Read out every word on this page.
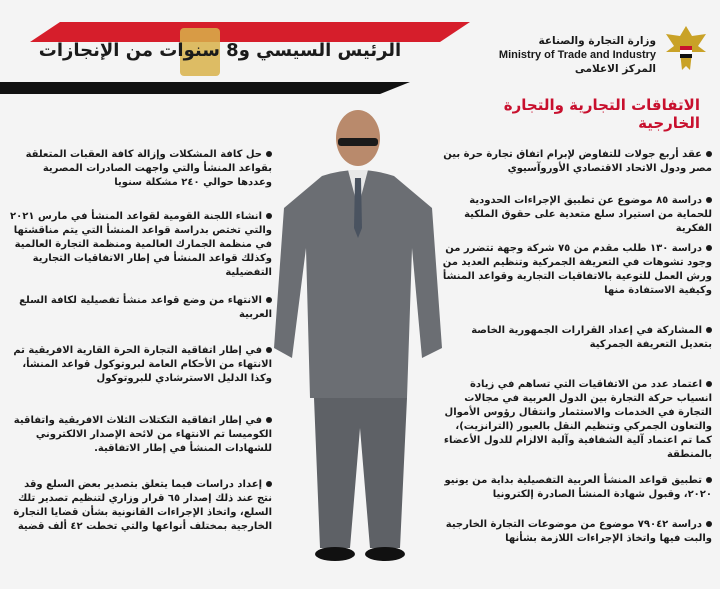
الرئيس السيسي و8 سنوات من الإنجازات	وزارة التجارة والصناعة
Ministry of Trade and Industry
المركز الاعلامى
الاتفاقات التجارية والتجارة الخارجية
عقد أربع جولات للتفاوض لإبرام اتفاق تجارة حرة بين مصر ودول الاتحاد الاقتصادي الأوروآسيوي
دراسة ٨٥ موضوع عن تطبيق الإجراءات الحدودية للحماية من استيراد سلع متعدية على حقوق الملكية الفكرية
دراسة ١٣٠ طلب مقدم من ٧٥ شركة وجهة تتضرر من وجود تشوهات في التعريفة الجمركية وتنظيم العديد من ورش العمل للتوعية بالاتفاقيات التجارية وقواعد المنشأ وكيفية الاستفادة منها
المشاركة في إعداد القرارات الجمهورية الخاصة بتعديل التعريفة الجمركية
اعتماد عدد من الاتفاقيات التي تساهم في زيادة انسياب حركة التجارة بين الدول العربية في مجالات التجارة في الخدمات والاستثمار وانتقال رؤوس الأموال والتعاون الجمركي وتنظيم النقل بالعبور (الترانزيت)، كما تم اعتماد آلية الشفافية وآلية الالزام للدول الأعضاء بالمنطقة
تطبيق قواعد المنشأ العربية التفصيلية بداية من يونيو ٢٠٢٠، وقبول شهادة المنشأ الصادرة إلكترونيا
دراسة ٧٩٠٤٢ موضوع من موضوعات التجارة الخارجية والبت فيها واتخاذ الإجراءات اللازمة بشأنها
حل كافة المشكلات وإزالة كافة العقبات المتعلقة بقواعد المنشأ والتي واجهت الصادرات المصرية وعددها حوالي ٢٤٠ مشكلة سنويا
انشاء اللجنة القومية لقواعد المنشأ في مارس ٢٠٢١ والتي تختص بدراسة قواعد المنشأ التي يتم مناقشتها في منظمة الجمارك العالمية ومنظمة التجارة العالمية وكذلك قواعد المنشأ في إطار الاتفاقيات التجارية التفضيلية
الانتهاء من وضع قواعد منشأ تفصيلية لكافة السلع العربية
في إطار اتفاقية التجارة الحرة القارية الافريقية تم الانتهاء من الأحكام العامة لبروتوكول قواعد المنشأ، وكذا الدليل الاسترشادي للبروتوكول
في إطار اتفاقية التكتلات الثلاث الافريقية واتفاقية الكوميسا تم الانتهاء من لائحة الإصدار الالكتروني للشهادات المنشأ في إطار الاتفاقية.
إعداد دراسات فيما يتعلق بتصدير بعض السلع وقد نتج عند ذلك إصدار ٦٥ قرار وزاري لتنظيم تصدير تلك السلع، واتخاذ الإجراءات القانونية بشأن قضايا التجارة الخارجية بمختلف أنواعها والتي تخطت ٤٢ ألف قضية
